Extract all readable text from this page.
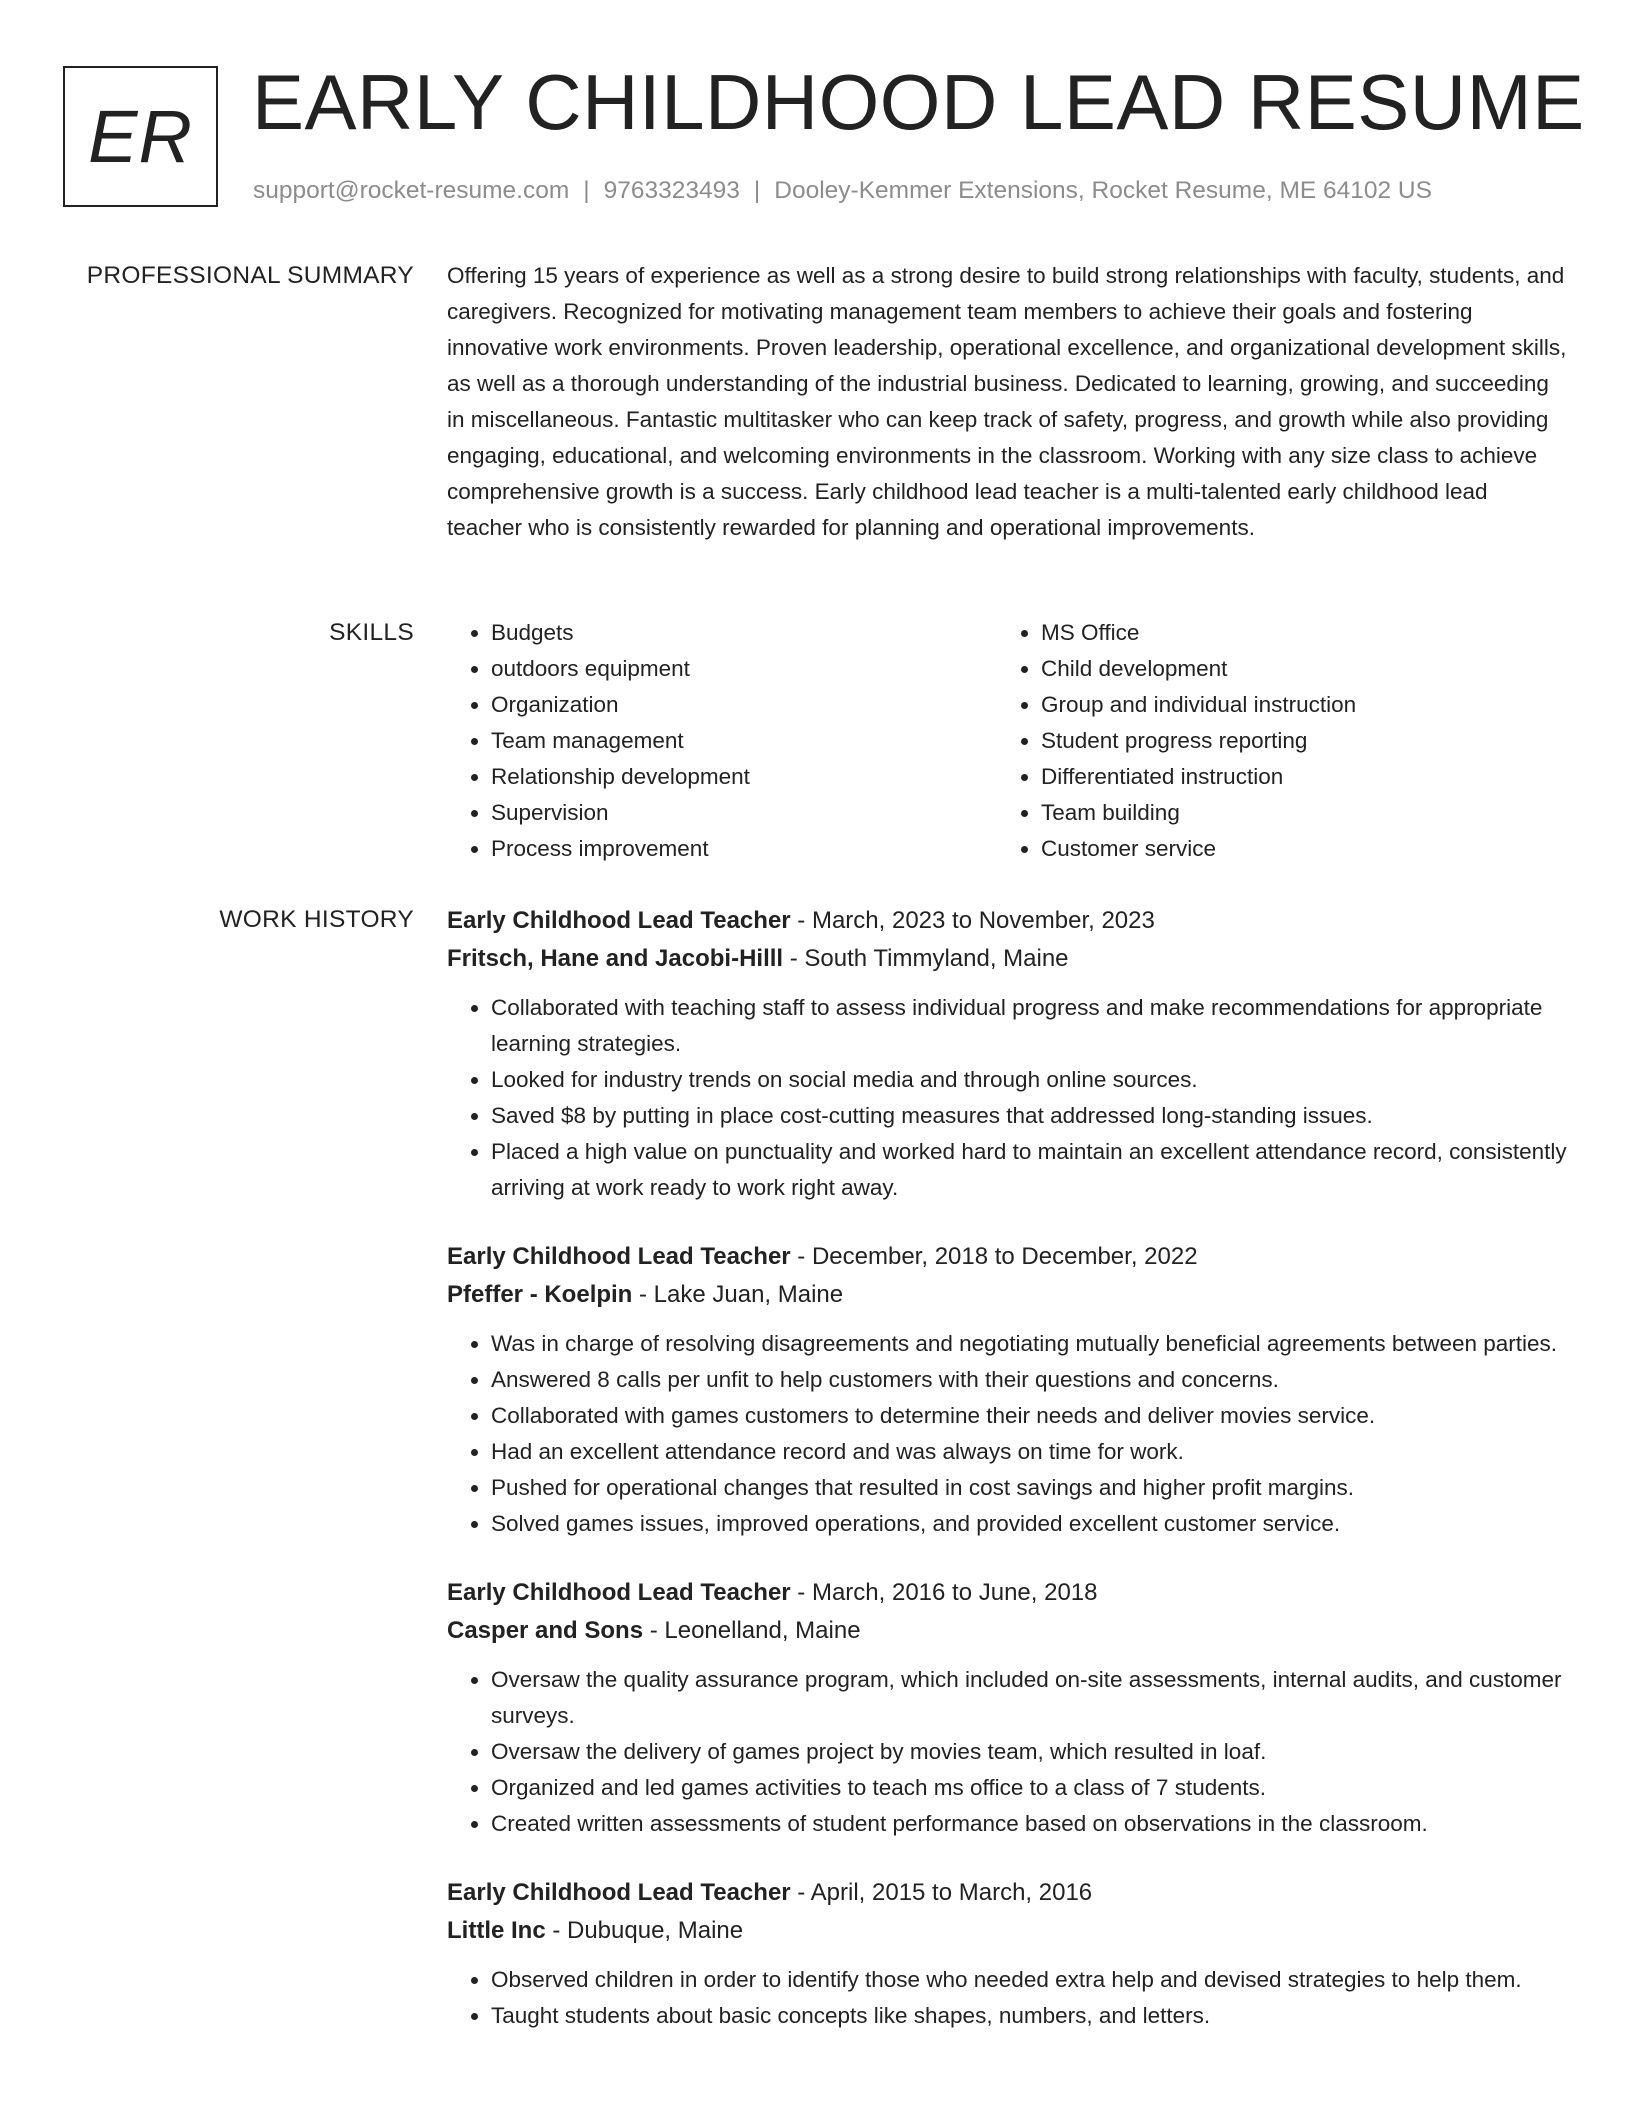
ER EARLY CHILDHOOD LEAD RESUME
support@rocket-resume.com | 9763323493 | Dooley-Kemmer Extensions, Rocket Resume, ME 64102 US
PROFESSIONAL SUMMARY Offering 15 years of experience as well as a strong desire to build strong relationships with faculty, students, and caregivers. Recognized for motivating management team members to achieve their goals and fostering innovative work environments. Proven leadership, operational excellence, and organizational development skills, as well as a thorough understanding of the industrial business. Dedicated to learning, growing, and succeeding in miscellaneous. Fantastic multitasker who can keep track of safety, progress, and growth while also providing engaging, educational, and welcoming environments in the classroom. Working with any size class to achieve comprehensive growth is a success. Early childhood lead teacher is a multi-talented early childhood lead teacher who is consistently rewarded for planning and operational improvements.

SKILLS
•	Budgets
• outdoors equipment
• Organization
• Team management
• Relationship development
• Supervision
• Process improvement
• MS Office
• Child development
• Group and individual instruction
• Student progress reporting
• Differentiated instruction
• Team building
• Customer service
WORK HISTORY Early Childhood Lead Teacher - March, 2023 to November, 2023
Fritsch, Hane and Jacobi-Hilll - South Timmyland, Maine
• Collaborated with teaching staff to assess individual progress and make recommendations for appropriate learning strategies.
• Looked for industry trends on social media and through online sources.
• Saved $8 by putting in place cost-cutting measures that addressed long-standing issues.
• Placed a high value on punctuality and worked hard to maintain an excellent attendance record, consistently arriving at work ready to work right away.
Early Childhood Lead Teacher - December, 2018 to December, 2022
Pfeffer - Koelpin - Lake Juan, Maine
• Was in charge of resolving disagreements and negotiating mutually beneficial agreements between parties.
• Answered 8 calls per unfit to help customers with their questions and concerns.
• Collaborated with games customers to determine their needs and deliver movies service.
• Had an excellent attendance record and was always on time for work.
• Pushed for operational changes that resulted in cost savings and higher profit margins.
• Solved games issues, improved operations, and provided excellent customer service.
Early Childhood Lead Teacher - March, 2016 to June, 2018
Casper and Sons - Leonelland, Maine
• Oversaw the quality assurance program, which included on-site assessments, internal audits, and customer surveys.
• Oversaw the delivery of games project by movies team, which resulted in loaf.
• Organized and led games activities to teach ms office to a class of 7 students.
• Created written assessments of student performance based on observations in the classroom.
Early Childhood Lead Teacher - April, 2015 to March, 2016
Little Inc - Dubuque, Maine
• Observed children in order to identify those who needed extra help and devised strategies to help them.
• Taught students about basic concepts like shapes, numbers, and letters.
